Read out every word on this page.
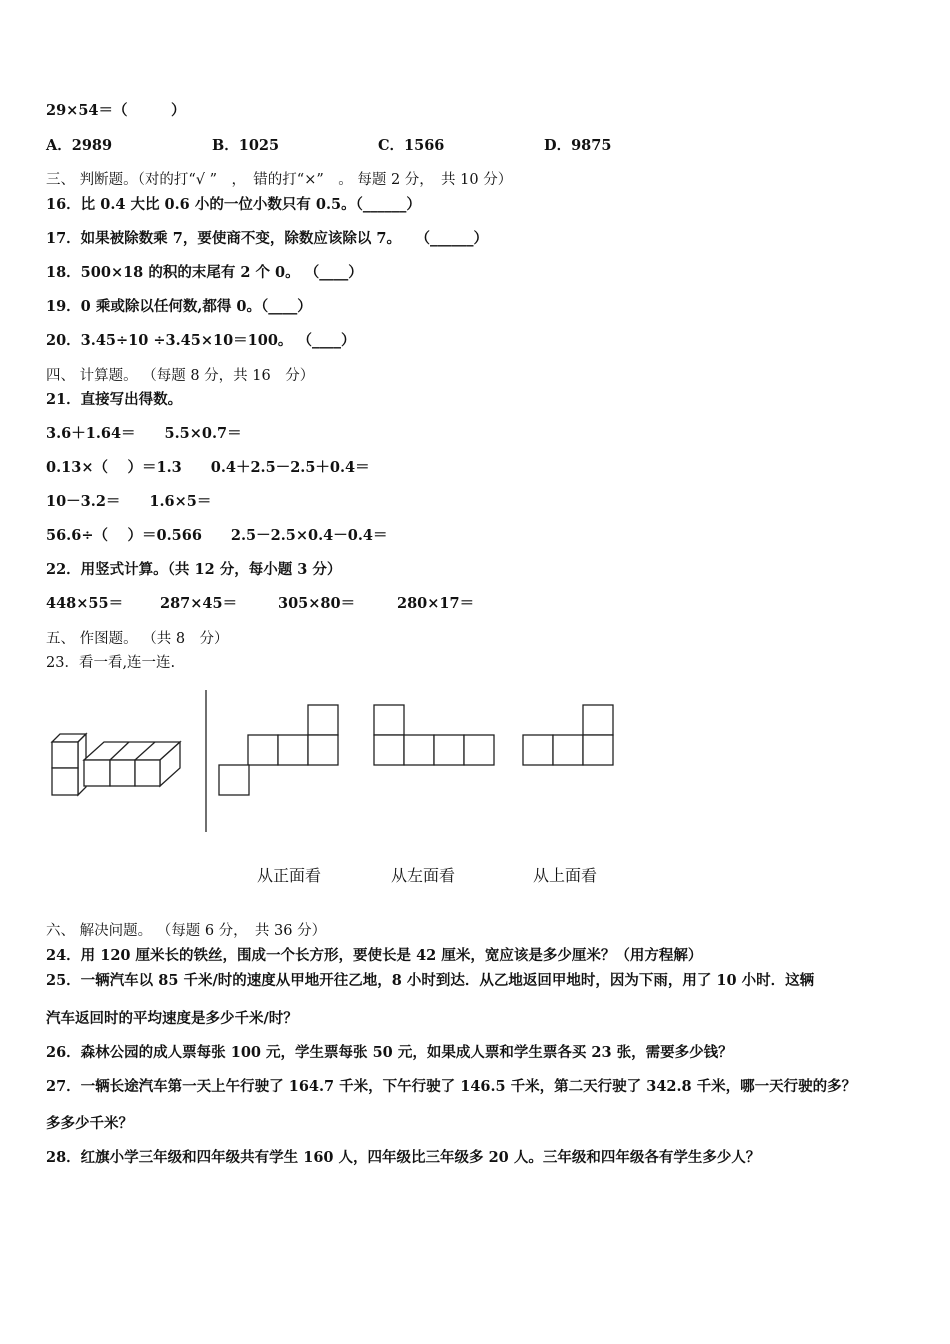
29×54＝（　　　）
A．2989	B．1025	C．1566	D．9875
三、 判断题。（对的打“√ ”　，　错的打“×”　。 每题 2 分，　共 10 分）
16．比 0.4 大比 0.6 小的一位小数只有 0.5。（______）
17．如果被除数乘 7，要使商不变，除数应该除以 7。　　（______）
18．500×18 的积的末尾有 2 个 0。 （____）
19．0 乘或除以任何数,都得 0。（____）
20．3.45÷10 ÷3.45×10＝100。 （____）
四、 计算题。 （每题 8 分，共 16　分）
21．直接写出得数。
3.6＋1.64＝　　5.5×0.7＝
0.13×（　 ）＝1.3　　0.4＋2.5－2.5＋0.4＝
10－3.2＝　　1.6×5＝
56.6÷（　 ）＝0.566　　2.5－2.5×0.4－0.4＝
22．用竖式计算。（共 12 分，每小题 3 分）
448×55＝	287×45＝	305×80＝	280×17＝
五、 作图题。 （共 8　分）
23．看一看,连一连.
从正面看	从左面看	从上面看
六、 解决问题。 （每题 6 分，　共 36 分）
24．用 120 厘米长的铁丝，围成一个长方形，要使长是 42 厘米，宽应该是多少厘米？（用方程解）
25．一辆汽车以 85 千米/时的速度从甲地开往乙地，8 小时到达．从乙地返回甲地时，因为下雨，用了 10 小时．这辆
汽车返回时的平均速度是多少千米/时？
26．森林公园的成人票每张 100 元，学生票每张 50 元，如果成人票和学生票各买 23 张，需要多少钱？
27．一辆长途汽车第一天上午行驶了 164.7 千米，下午行驶了 146.5 千米，第二天行驶了 342.8 千米，哪一天行驶的多？
多多少千米？
28．红旗小学三年级和四年级共有学生 160 人，四年级比三年级多 20 人。三年级和四年级各有学生多少人？
